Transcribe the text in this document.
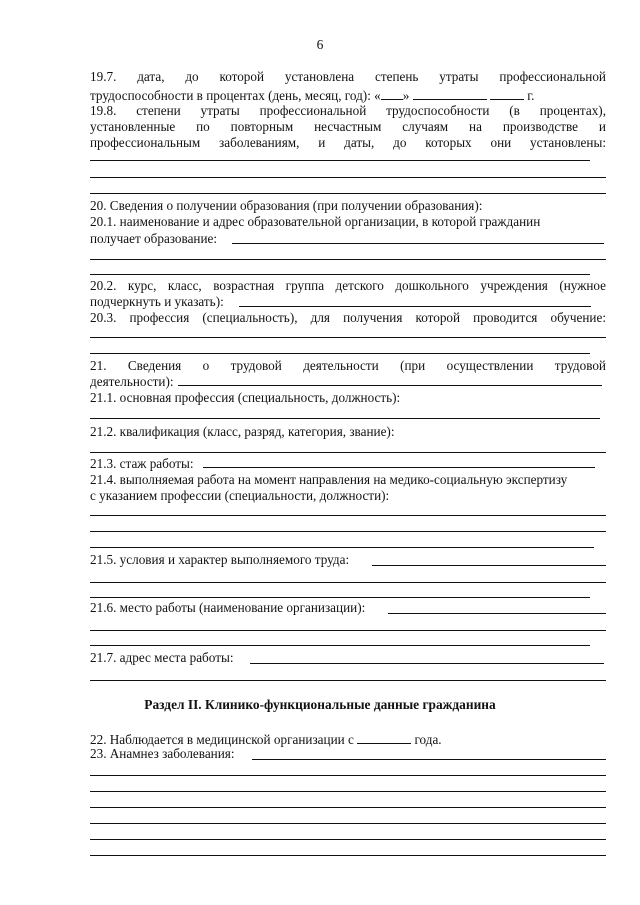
6
19.7. дата, до которой установлена степень утраты профессиональной
трудоспособности в процентах (день, месяц, год): « »	г.
19.8. степени утраты профессиональной трудоспособности (в процентах),
установленные по повторным несчастным случаям на производстве и
профессиональным заболеваниям, и даты, до которых они установлены:
20. Сведения о получении образования (при получении образования):
20.1. наименование и адрес образовательной организации, в которой гражданин
получает образование:
20.2. курс, класс, возрастная группа детского дошкольного учреждения (нужное
подчеркнуть и указать):
20.3. профессия (специальность), для получения которой проводится обучение:
21. Сведения о трудовой деятельности (при осуществлении трудовой
деятельности):
21.1. основная профессия (специальность, должность):
21.2. квалификация (класс, разряд, категория, звание):
21.3. стаж работы:
21.4. выполняемая работа на момент направления на медико-социальную экспертизу
с указанием профессии (специальности, должности):
21.5. условия и характер выполняемого труда:
21.6. место работы (наименование организации):
21.7. адрес места работы:
Раздел II. Клинико-функциональные данные гражданина
22. Наблюдается в медицинской организации с	года.
23. Анамнез заболевания:
